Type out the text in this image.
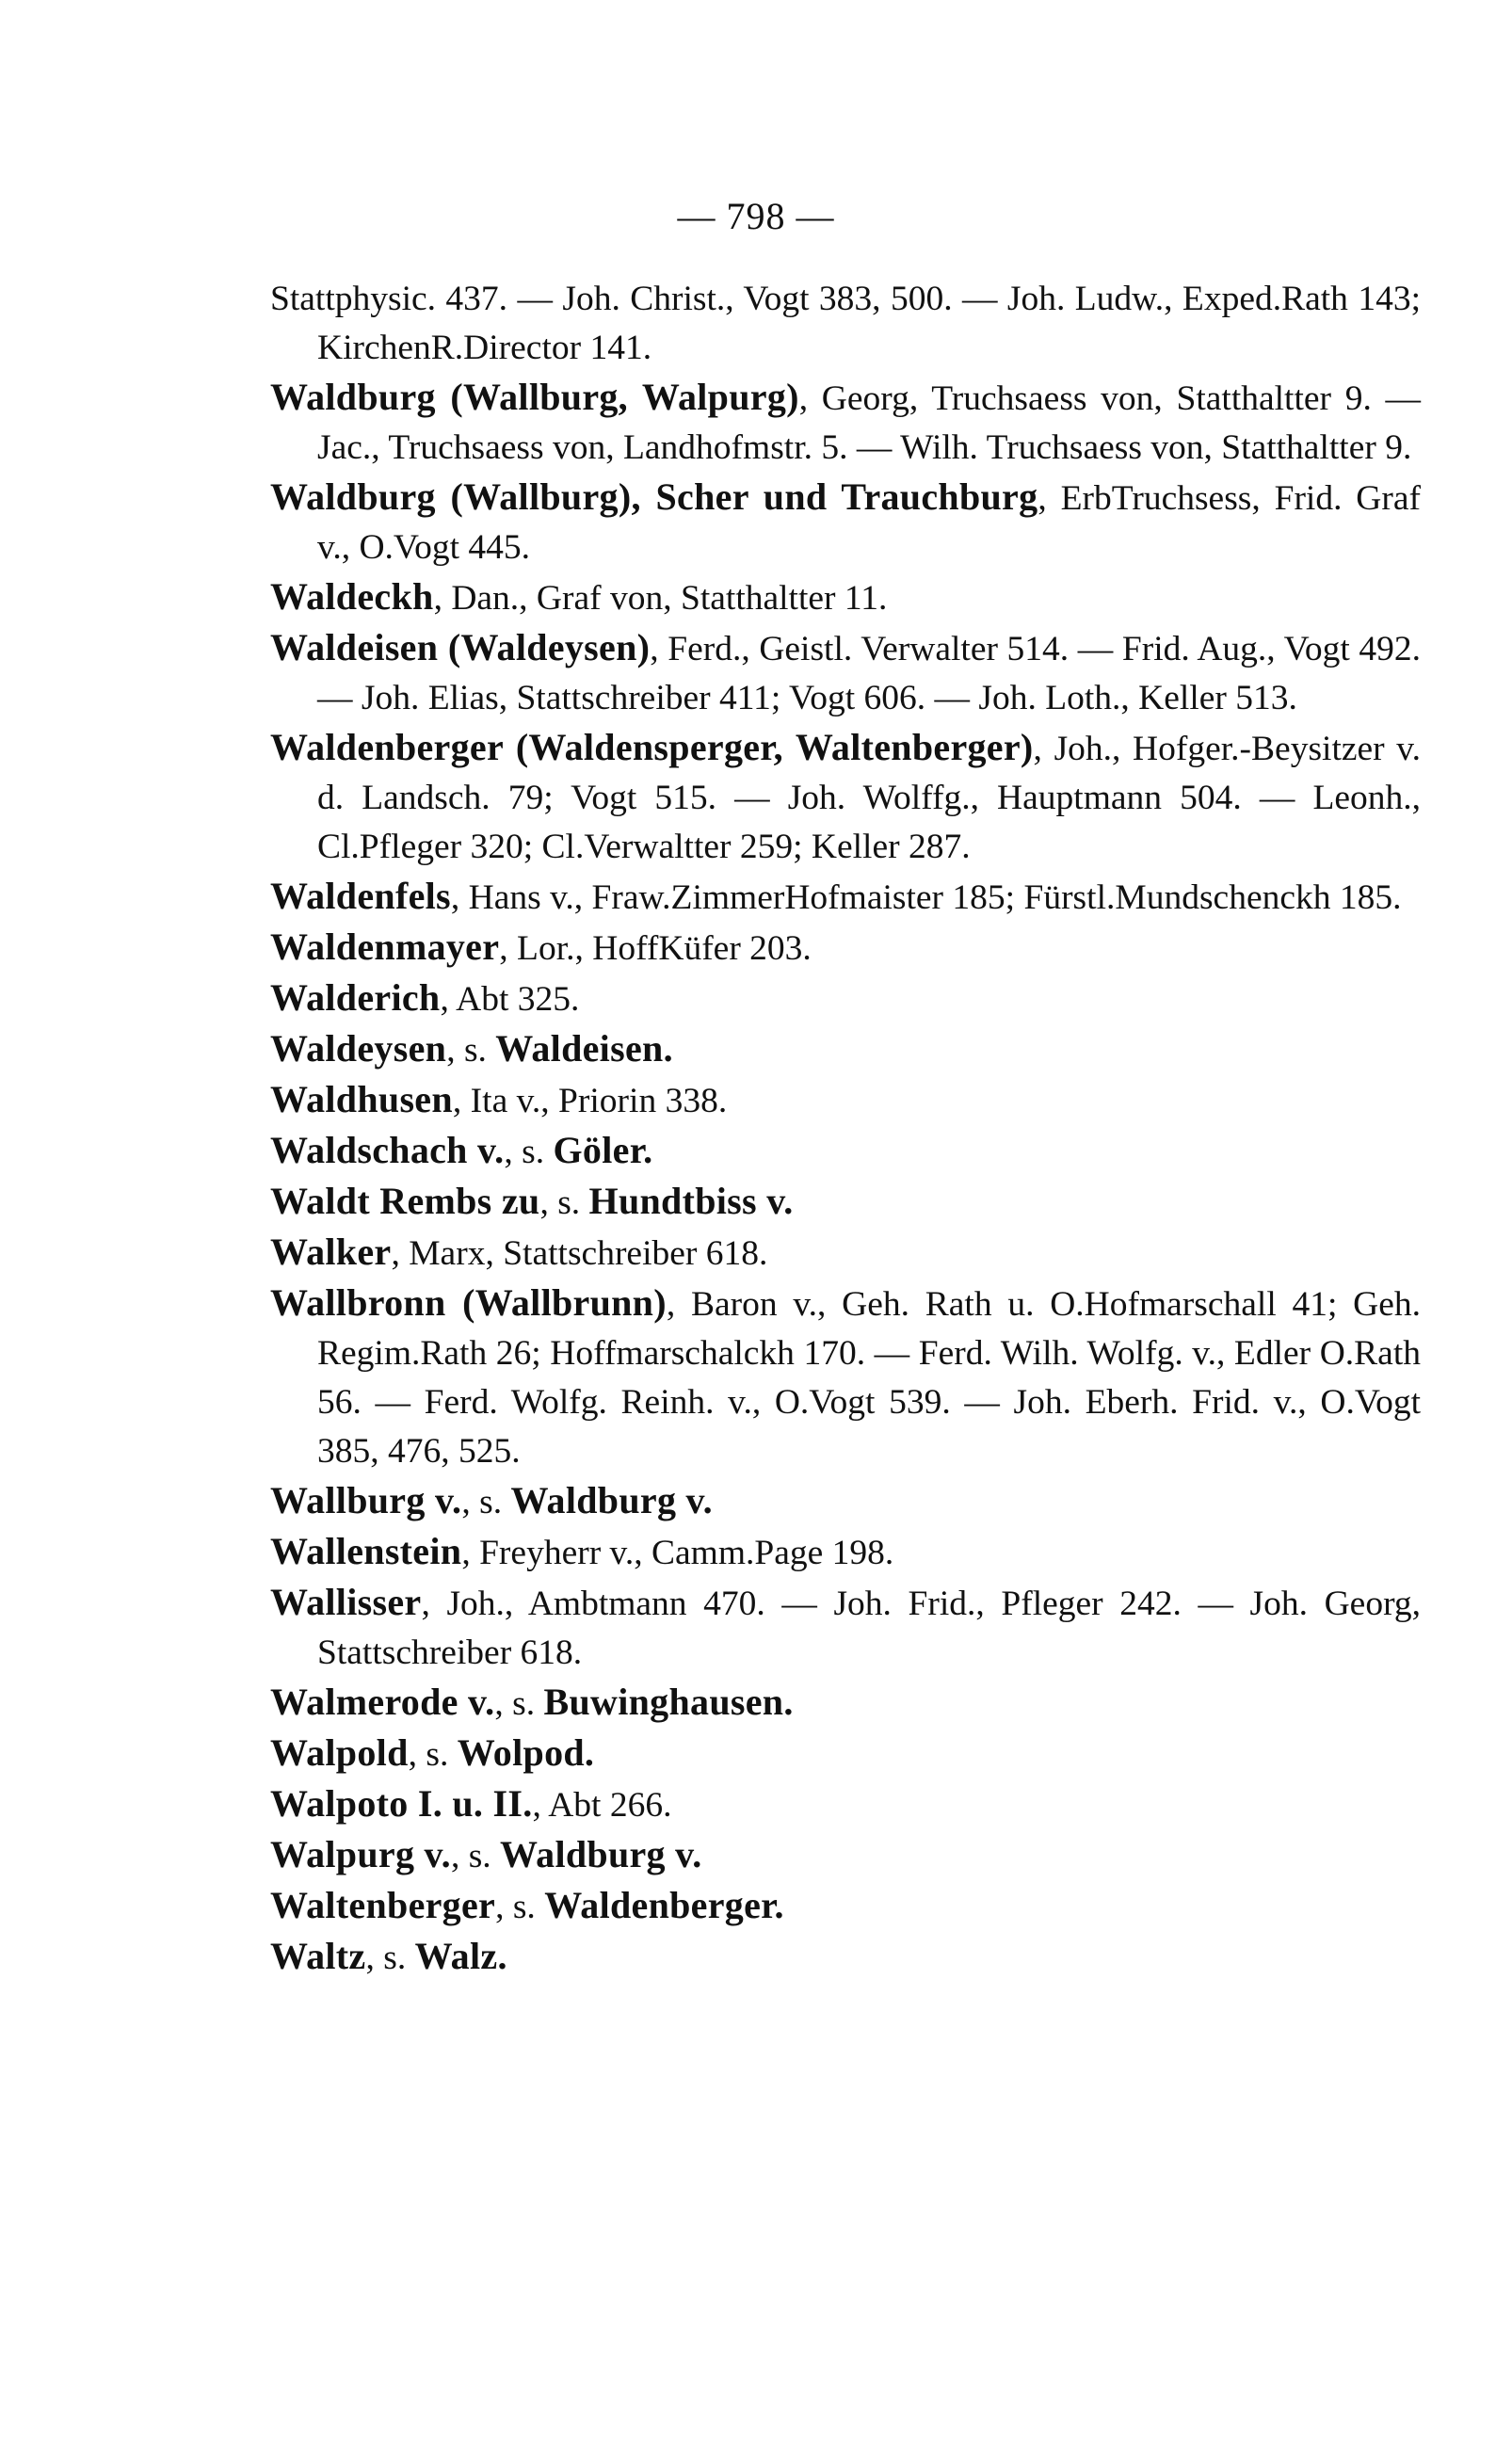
— 798 —

Stattphysic. 437. — Joh. Christ., Vogt 383, 500. — Joh. Ludw., Exped.Rath 143; KirchenR.Director 141.

Waldburg (Wallburg, Walpurg), Georg, Truchsaess von, Statthaltter 9. — Jac., Truchsaess von, Landhofmstr. 5. — Wilh. Truchsaess von, Statthaltter 9.

Waldburg (Wallburg), Scher und Trauchburg, ErbTruchsess, Frid. Graf v., O.Vogt 445.

Waldeckh, Dan., Graf von, Statthaltter 11.

Waldeisen (Waldeysen), Ferd., Geistl. Verwalter 514. — Frid. Aug., Vogt 492. — Joh. Elias, Stattschreiber 411; Vogt 606. — Joh. Loth., Keller 513.

Waldenberger (Waldensperger, Waltenberger), Joh., Hofger.-Beysitzer v. d. Landsch. 79; Vogt 515. — Joh. Wolffg., Hauptmann 504. — Leonh., Cl.Pfleger 320; Cl.Verwaltter 259; Keller 287.

Waldenfels, Hans v., Fraw.ZimmerHofmaister 185; Fürstl.Mundschenckh 185.

Waldenmayer, Lor., HoffKüfer 203.

Walderich, Abt 325.

Waldeysen, s. Waldeisen.

Waldhusen, Ita v., Priorin 338.

Waldschach v., s. Göler.

Waldt Rembs zu, s. Hundtbiss v.

Walker, Marx, Stattschreiber 618.

Wallbronn (Wallbrunn), Baron v., Geh. Rath u. O.Hofmarschall 41; Geh. Regim.Rath 26; Hoffmarschalckh 170. — Ferd. Wilh. Wolfg. v., Edler O.Rath 56. — Ferd. Wolfg. Reinh. v., O.Vogt 539. — Joh. Eberh. Frid. v., O.Vogt 385, 476, 525.

Wallburg v., s. Waldburg v.

Wallenstein, Freyherr v., Camm.Page 198.

Wallisser, Joh., Ambtmann 470. — Joh. Frid., Pfleger 242. — Joh. Georg, Stattschreiber 618.

Walmerode v., s. Buwinghausen.

Walpold, s. Wolpod.

Walpoto I. u. II., Abt 266.

Walpurg v., s. Waldburg v.

Waltenberger, s. Waldenberger.

Waltz, s. Walz.
